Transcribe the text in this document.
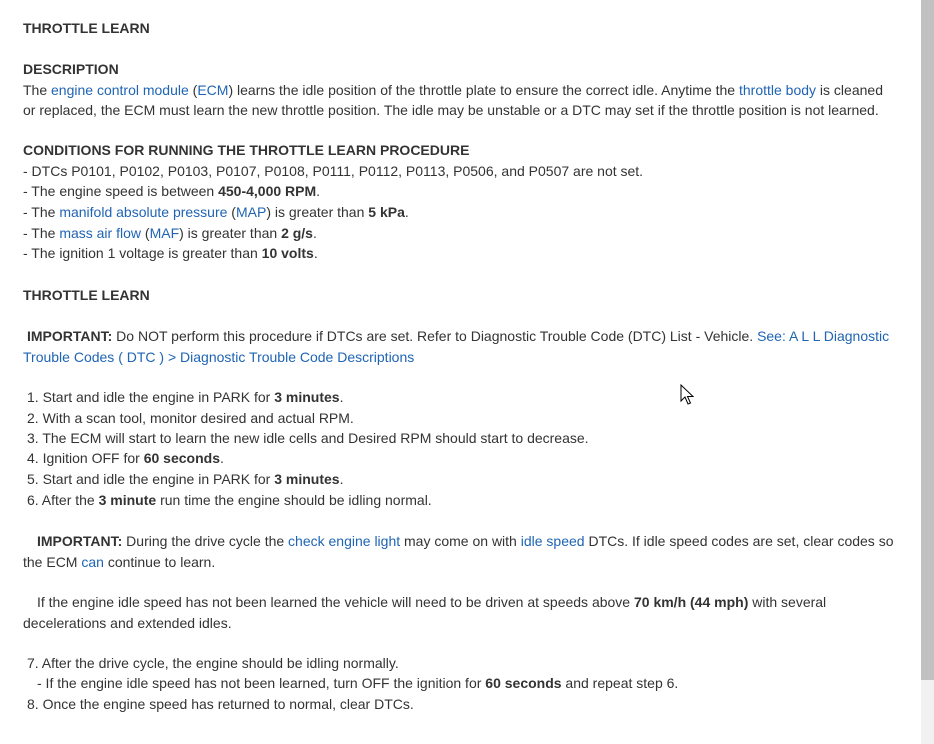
THROTTLE LEARN
DESCRIPTION
The engine control module (ECM) learns the idle position of the throttle plate to ensure the correct idle. Anytime the throttle body is cleaned
or replaced, the ECM must learn the new throttle position. The idle may be unstable or a DTC may set if the throttle position is not learned.
CONDITIONS FOR RUNNING THE THROTTLE LEARN PROCEDURE
- DTCs P0101, P0102, P0103, P0107, P0108, P0111, P0112, P0113, P0506, and P0507 are not set.
- The engine speed is between 450-4,000 RPM.
- The manifold absolute pressure (MAP) is greater than 5 kPa.
- The mass air flow (MAF) is greater than 2 g/s.
- The ignition 1 voltage is greater than 10 volts.
THROTTLE LEARN
IMPORTANT: Do NOT perform this procedure if DTCs are set. Refer to Diagnostic Trouble Code (DTC) List - Vehicle. See: A L L Diagnostic
Trouble Codes ( DTC ) > Diagnostic Trouble Code Descriptions
1. Start and idle the engine in PARK for 3 minutes.
2. With a scan tool, monitor desired and actual RPM.
3. The ECM will start to learn the new idle cells and Desired RPM should start to decrease.
4. Ignition OFF for 60 seconds.
5. Start and idle the engine in PARK for 3 minutes.
6. After the 3 minute run time the engine should be idling normal.
IMPORTANT: During the drive cycle the check engine light may come on with idle speed DTCs. If idle speed codes are set, clear codes so
the ECM can continue to learn.
If the engine idle speed has not been learned the vehicle will need to be driven at speeds above 70 km/h (44 mph) with several
decelerations and extended idles.
7. After the drive cycle, the engine should be idling normally.
- If the engine idle speed has not been learned, turn OFF the ignition for 60 seconds and repeat step 6.
8. Once the engine speed has returned to normal, clear DTCs.
